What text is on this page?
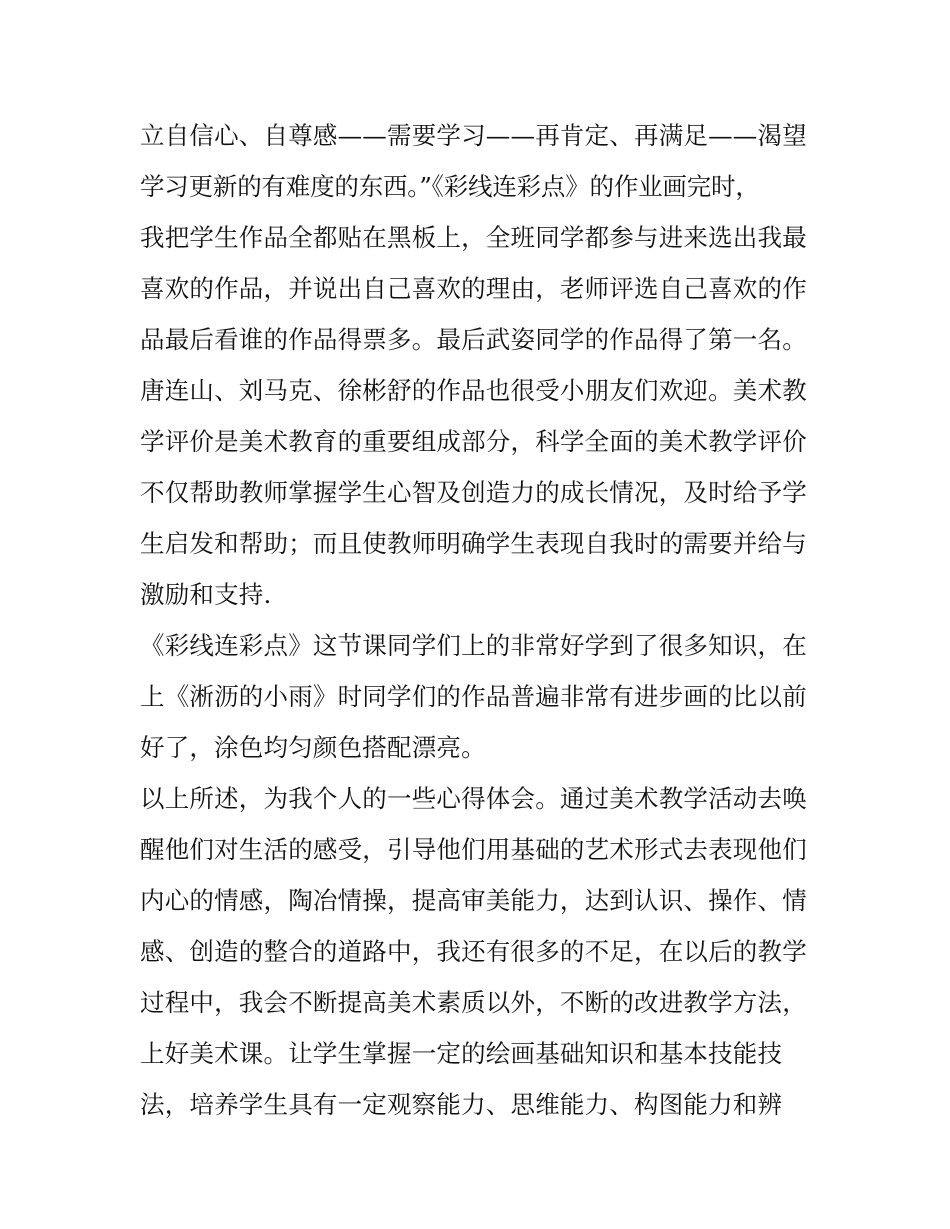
立自信心、自尊感——需要学习——再肯定、再满足——渴望
学习更新的有难度的东西。”《彩线连彩点》的作业画完时，
我把学生作品全都贴在黑板上，全班同学都参与进来选出我最
喜欢的作品，并说出自己喜欢的理由，老师评选自己喜欢的作
品最后看谁的作品得票多。最后武姿同学的作品得了第一名。
唐连山、刘马克、徐彬舒的作品也很受小朋友们欢迎。美术教
学评价是美术教育的重要组成部分，科学全面的美术教学评价
不仅帮助教师掌握学生心智及创造力的成长情况，及时给予学
生启发和帮助；而且使教师明确学生表现自我时的需要并给与
激励和支持.
《彩线连彩点》这节课同学们上的非常好学到了很多知识，在
上《淅沥的小雨》时同学们的作品普遍非常有进步画的比以前
好了，涂色均匀颜色搭配漂亮。
以上所述，为我个人的一些心得体会。通过美术教学活动去唤
醒他们对生活的感受，引导他们用基础的艺术形式去表现他们
内心的情感，陶冶情操，提高审美能力，达到认识、操作、情
感、创造的整合的道路中，我还有很多的不足，在以后的教学
过程中，我会不断提高美术素质以外，不断的改进教学方法，
上好美术课。让学生掌握一定的绘画基础知识和基本技能技
法，培养学生具有一定观察能力、思维能力、构图能力和辨
